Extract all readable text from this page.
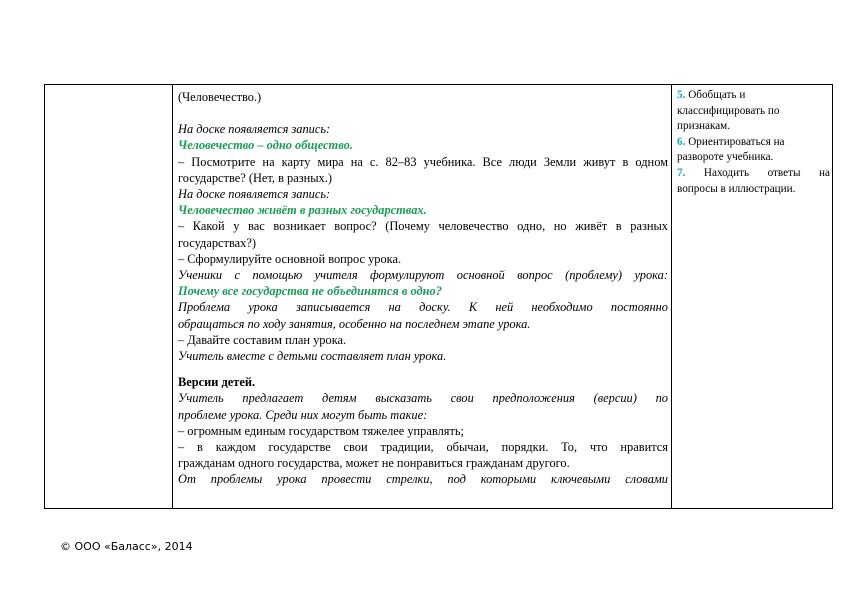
(Человечество.)
На доске появляется запись:
Человечество – одно общество.
– Посмотрите на карту мира на с. 82–83 учебника. Все люди Земли живут в одном
государстве? (Нет, в разных.)
На доске появляется запись:
Человечество живёт в разных государствах.
– Какой у вас возникает вопрос? (Почему человечество одно, но живёт в разных
государствах?)
– Сформулируйте основной вопрос урока.
Ученики с помощью учителя формулируют основной вопрос (проблему) урока:
Почему все государства не объединятся в одно?
Проблема урока записывается на доску. К ней необходимо постоянно
обращаться по ходу занятия, особенно на последнем этапе урока.
– Давайте составим план урока.
Учитель вместе с детьми составляет план урока.
Версии детей.
Учитель предлагает детям высказать свои предположения (версии) по
проблеме урока. Среди них могут быть такие:
– огромным единым государством тяжелее управлять;
– в каждом государстве свои традиции, обычаи, порядки. То, что нравится
гражданам одного государства, может не понравиться гражданам другого.
От проблемы урока провести стрелки, под которыми ключевыми словами
5. Обобщать и
классифицировать по
признакам.
6. Ориентироваться на
развороте учебника.
7. Находить ответы на
вопросы в иллюстрации.
© ООО «Баласс», 2014
